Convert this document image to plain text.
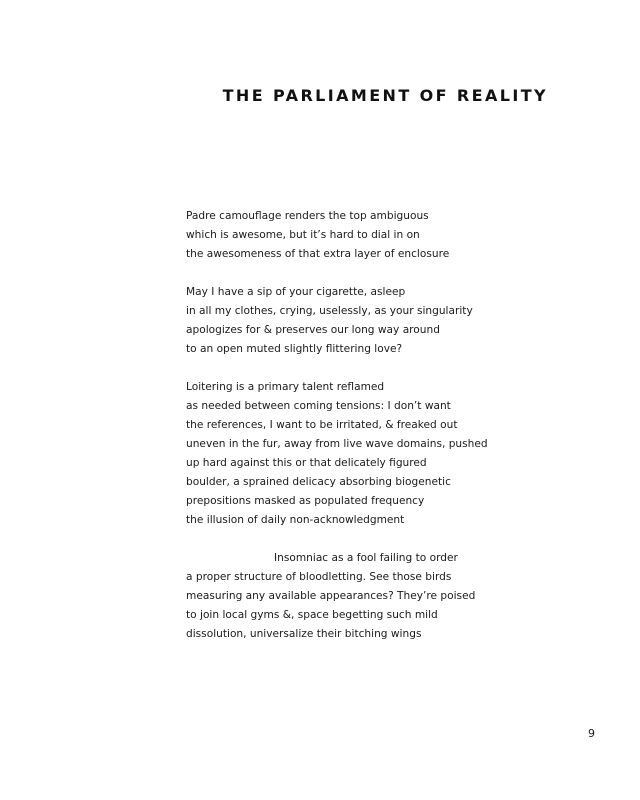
THE PARLIAMENT OF REALITY

Padre camouflage renders the top ambiguous
which is awesome, but it’s hard to dial in on
the awesomeness of that extra layer of enclosure

May I have a sip of your cigarette, asleep
in all my clothes, crying, uselessly, as your singularity
apologizes for & preserves our long way around
to an open muted slightly flittering love?

Loitering is a primary talent reflamed
as needed between coming tensions: I don’t want
the references, I want to be irritated, & freaked out
uneven in the fur, away from live wave domains, pushed
up hard against this or that delicately figured
boulder, a sprained delicacy absorbing biogenetic
prepositions masked as populated frequency
the illusion of daily non-acknowledgment

Insomniac as a fool failing to order
a proper structure of bloodletting. See those birds
measuring any available appearances? They’re poised
to join local gyms &, space begetting such mild
dissolution, universalize their bitching wings

9
